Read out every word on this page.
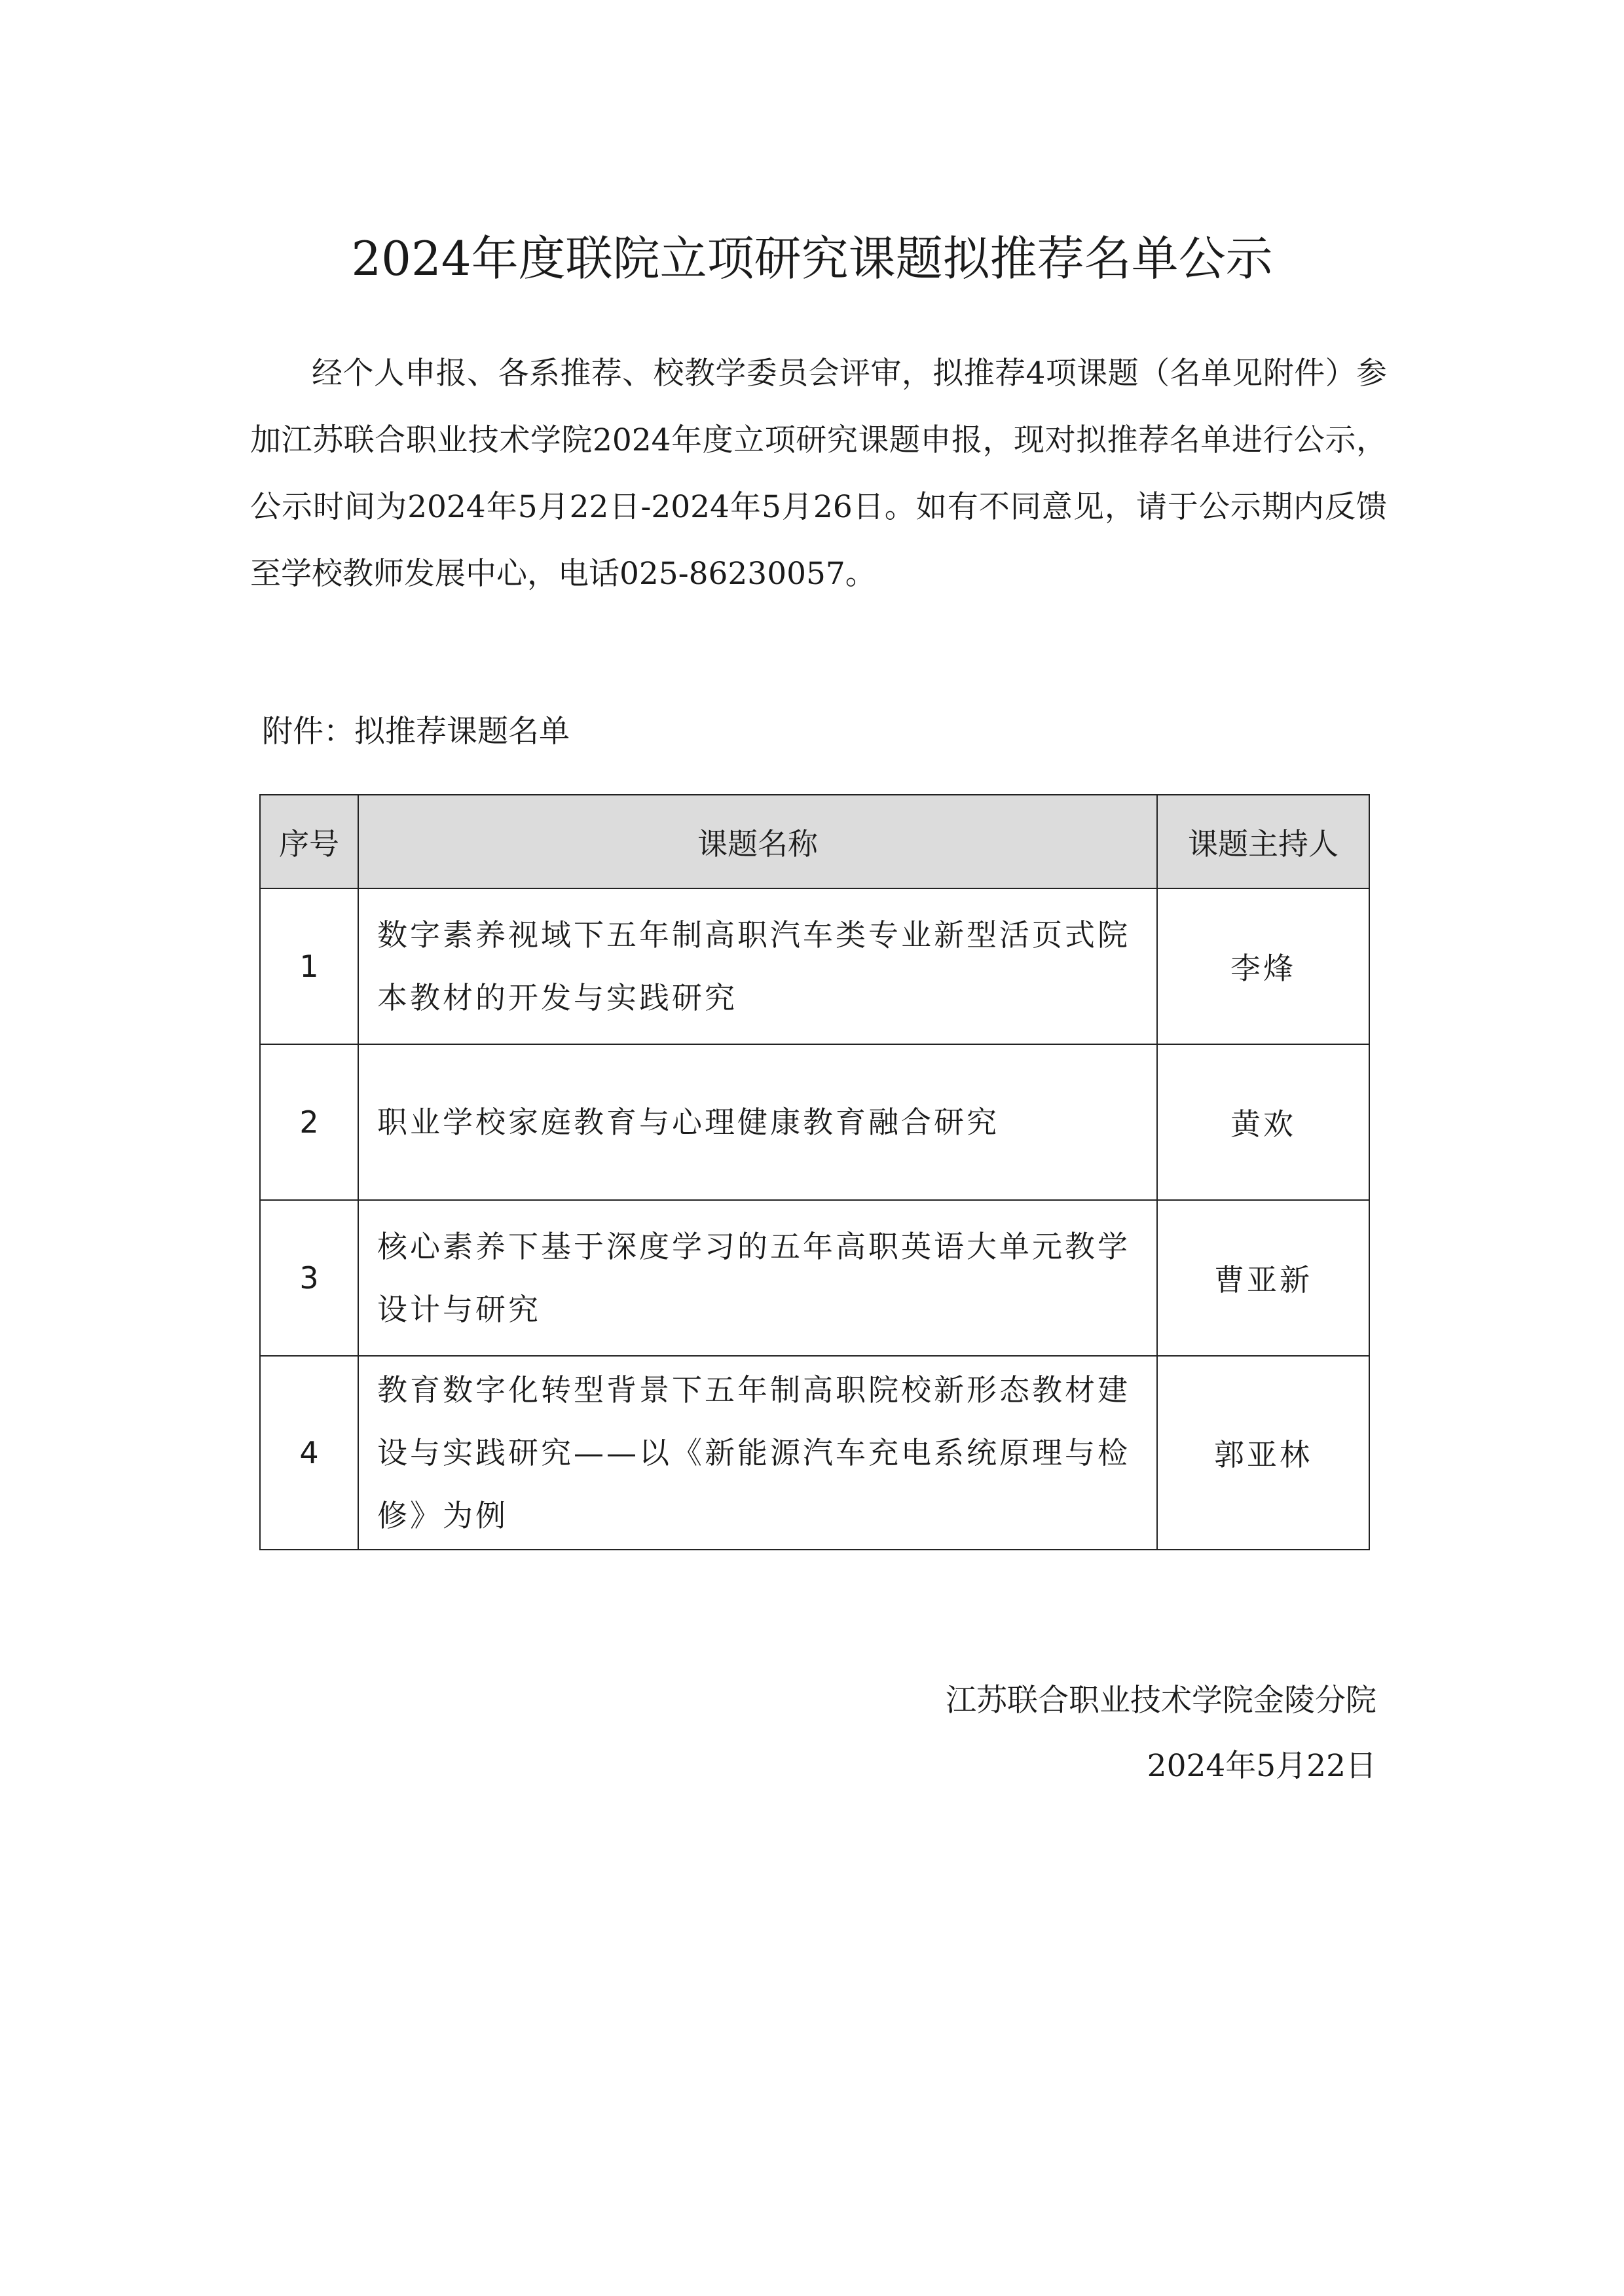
2024年度联院立项研究课题拟推荐名单公示

经个人申报、各系推荐、校教学委员会评审，拟推荐4项课题（名单见附件）参加江苏联合职业技术学院2024年度立项研究课题申报，现对拟推荐名单进行公示，公示时间为2024年5月22日-2024年5月26日。如有不同意见，请于公示期内反馈至学校教师发展中心，电话025-86230057。

附件：拟推荐课题名单

序号	课题名称	课题主持人
1	数字素养视域下五年制高职汽车类专业新型活页式院本教材的开发与实践研究	李烽
2	职业学校家庭教育与心理健康教育融合研究	黄欢
3	核心素养下基于深度学习的五年高职英语大单元教学设计与研究	曹亚新
4	教育数字化转型背景下五年制高职院校新形态教材建设与实践研究——以《新能源汽车充电系统原理与检修》为例	郭亚林
江苏联合职业技术学院金陵分院
2024年5月22日
